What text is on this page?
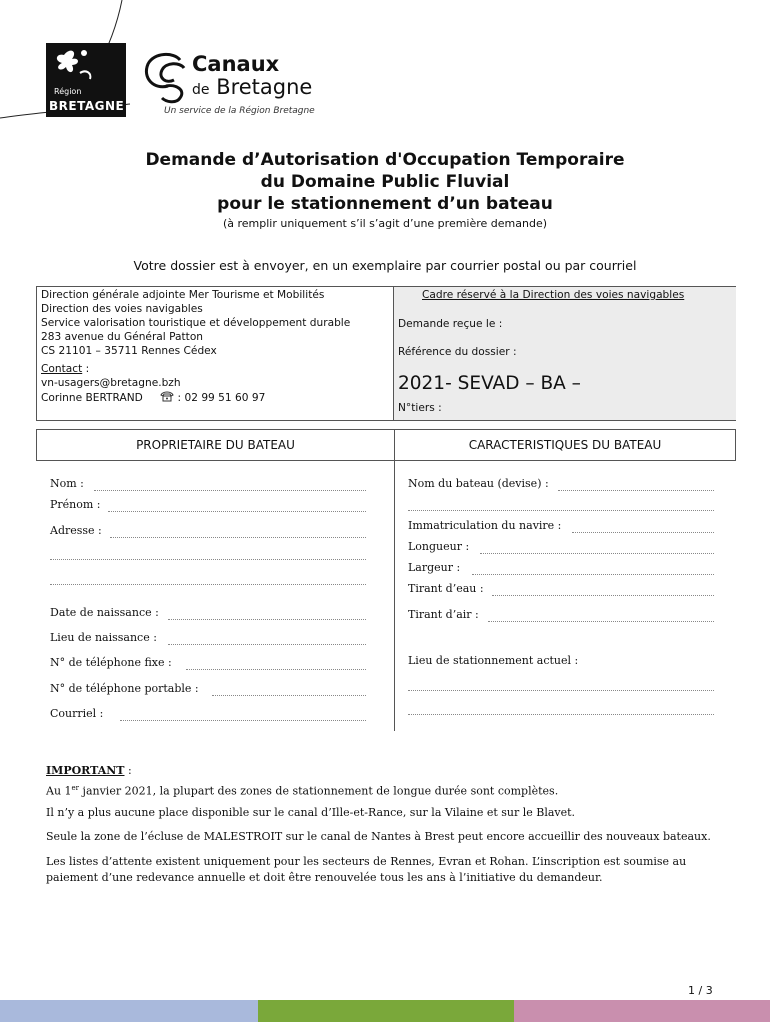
Région
BRETAGNE
Canaux
de Bretagne
Un service de la Région Bretagne
Demande d’Autorisation d'Occupation Temporaire
du Domaine Public Fluvial
pour le stationnement d’un bateau
(à remplir uniquement s’il s’agit d’une première demande)
Votre dossier est à envoyer, en un exemplaire par courrier postal ou par courriel
Direction générale adjointe Mer Tourisme et Mobilités
Direction des voies navigables
Service valorisation touristique et développement durable
283 avenue du Général Patton
CS 21101 – 35711 Rennes Cédex
Contact :
vn-usagers@bretagne.bzh
Corinne BERTRAND	: 02 99 51 60 97
Cadre réservé à la Direction des voies navigables
Demande reçue le :
Référence du dossier :
2021- SEVAD – BA –
N°tiers :
PROPRIETAIRE DU BATEAU	CARACTERISTIQUES DU BATEAU
Nom :
Prénom :
Adresse :
Date de naissance :
Lieu de naissance :
N° de téléphone fixe :
N° de téléphone portable :
Courriel :
Nom du bateau (devise) :
Immatriculation du navire :
Longueur :
Largeur :
Tirant d’eau :
Tirant d’air :
Lieu de stationnement actuel :
IMPORTANT :
Au 1er janvier 2021, la plupart des zones de stationnement de longue durée sont complètes.
Il n’y a plus aucune place disponible sur le canal d’Ille-et-Rance, sur la Vilaine et sur le Blavet.
Seule la zone de l’écluse de MALESTROIT sur le canal de Nantes à Brest peut encore accueillir des nouveaux bateaux.
Les listes d’attente existent uniquement pour les secteurs de Rennes, Evran et Rohan. L’inscription est soumise au paiement d’une redevance annuelle et doit être renouvelée tous les ans à l’initiative du demandeur.
1 / 3
